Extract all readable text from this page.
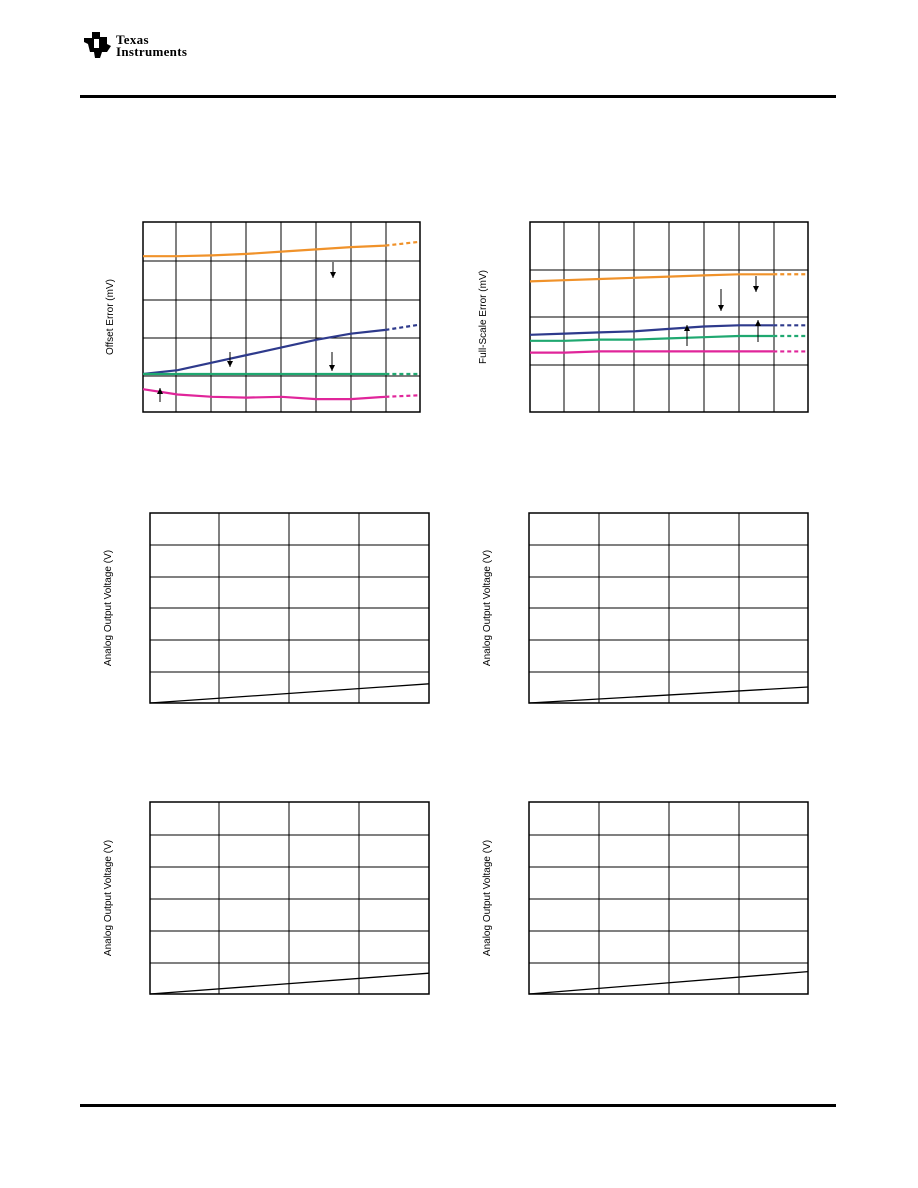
Texas
Instruments
Offset Error (mV)	Full-Scale Error (mV)
Analog Output Voltage (V)	Analog Output Voltage (V)
Analog Output Voltage (V)	Analog Output Voltage (V)
